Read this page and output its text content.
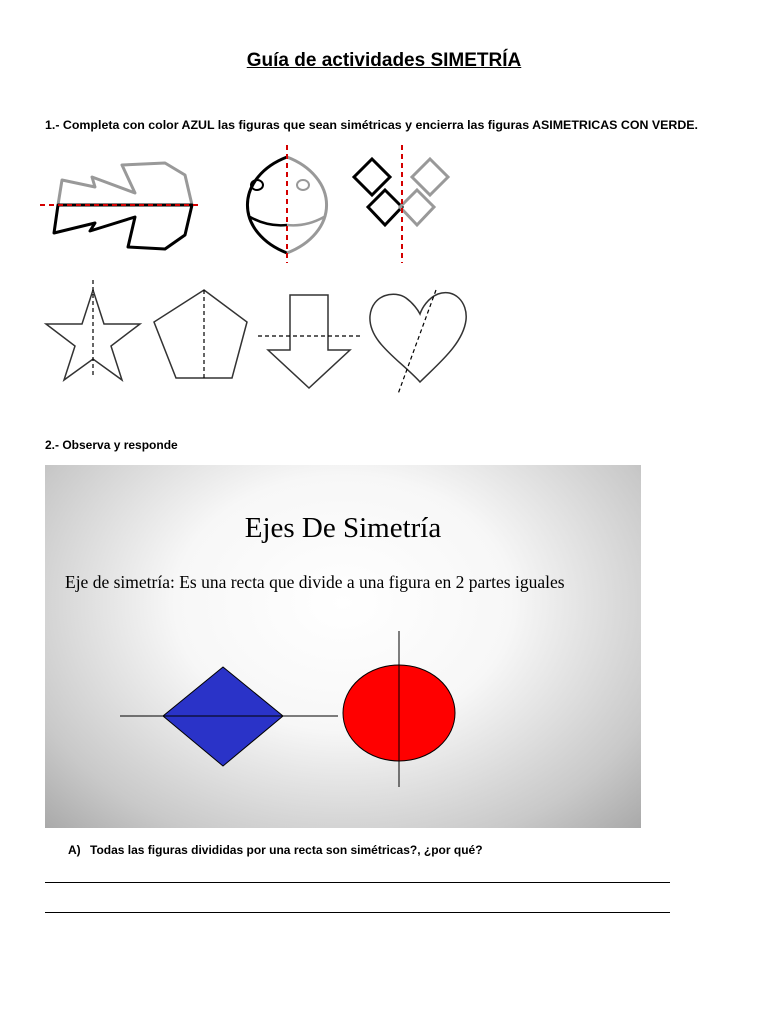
Guía de actividades SIMETRÍA
1.- Completa con color AZUL las figuras que sean simétricas y encierra las figuras ASIMETRICAS CON VERDE.
2.- Observa y responde
Ejes De Simetría
Eje de simetría: Es una recta que divide a una figura en 2 partes iguales
A) Todas las figuras divididas por una recta son simétricas?, ¿por qué?
